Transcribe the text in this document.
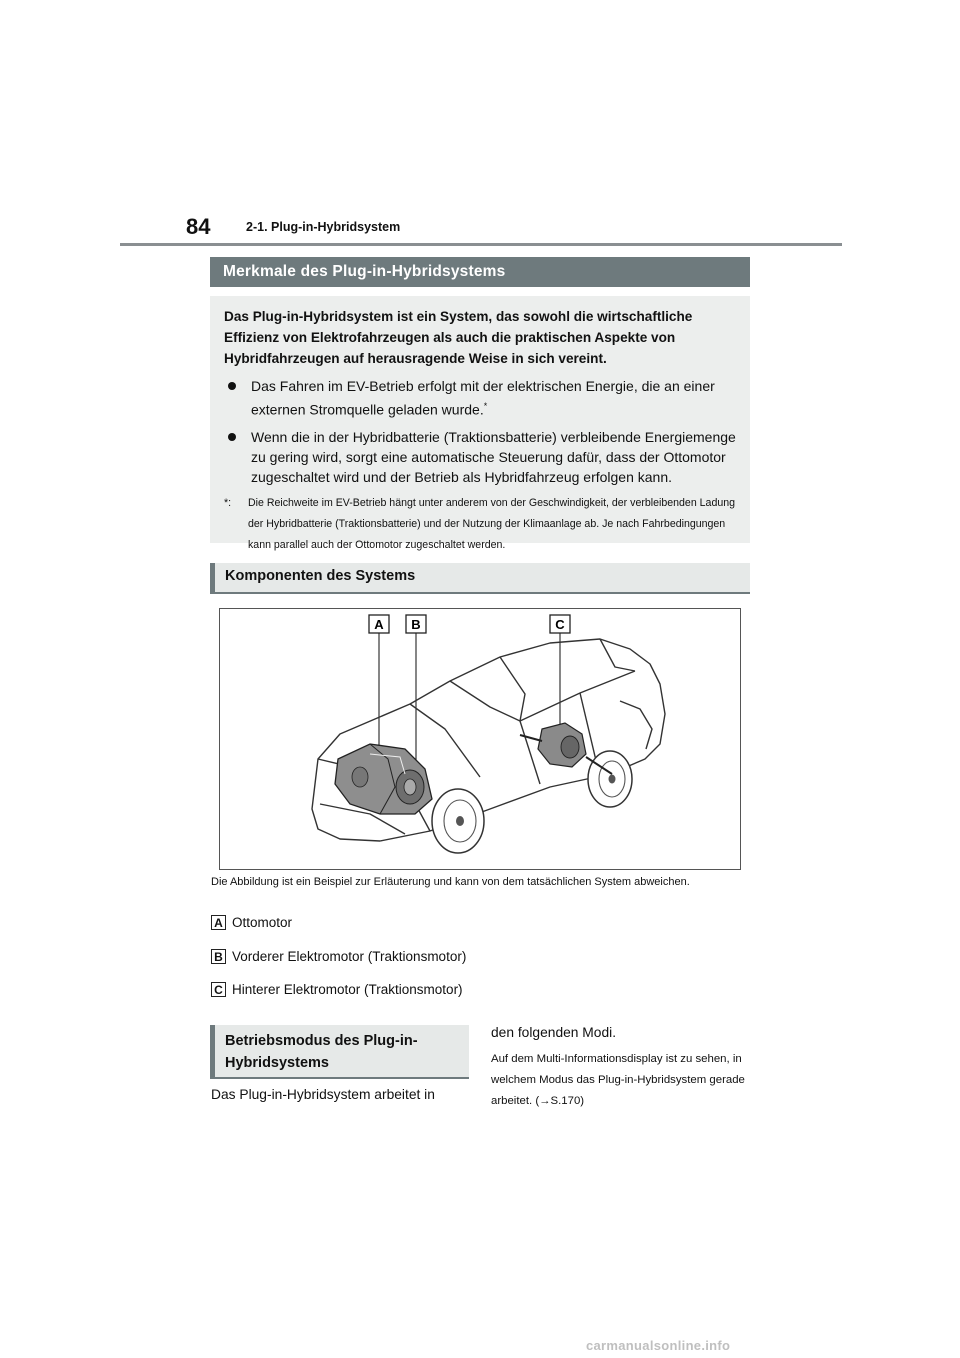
84	2-1. Plug-in-Hybridsystem
Merkmale des Plug-in-Hybridsystems
Das Plug-in-Hybridsystem ist ein System, das sowohl die wirtschaftliche Effizienz von Elektrofahrzeugen als auch die praktischen Aspekte von Hybridfahrzeugen auf herausragende Weise in sich vereint.
Das Fahren im EV-Betrieb erfolgt mit der elektrischen Energie, die an einer externen Stromquelle geladen wurde.*
Wenn die in der Hybridbatterie (Traktionsbatterie) verbleibende Energiemenge zu gering wird, sorgt eine automatische Steuerung dafür, dass der Ottomotor zugeschaltet wird und der Betrieb als Hybridfahrzeug erfolgen kann.
*: Die Reichweite im EV-Betrieb hängt unter anderem von der Geschwindigkeit, der verbleibenden Ladung der Hybridbatterie (Traktionsbatterie) und der Nutzung der Klimaanlage ab. Je nach Fahrbedingungen kann parallel auch der Ottomotor zugeschaltet werden.
Komponenten des Systems
A B	C
Die Abbildung ist ein Beispiel zur Erläuterung und kann von dem tatsächlichen System abweichen.
A Ottomotor
B Vorderer Elektromotor (Traktionsmotor)
C Hinterer Elektromotor (Traktionsmotor)
Betriebsmodus des Plug-in-Hybridsystems
Das Plug-in-Hybridsystem arbeitet in
den folgenden Modi.
Auf dem Multi-Informationsdisplay ist zu sehen, in welchem Modus das Plug-in-Hybridsystem gerade arbeitet. (→S.170)
carmanualsonline.info
